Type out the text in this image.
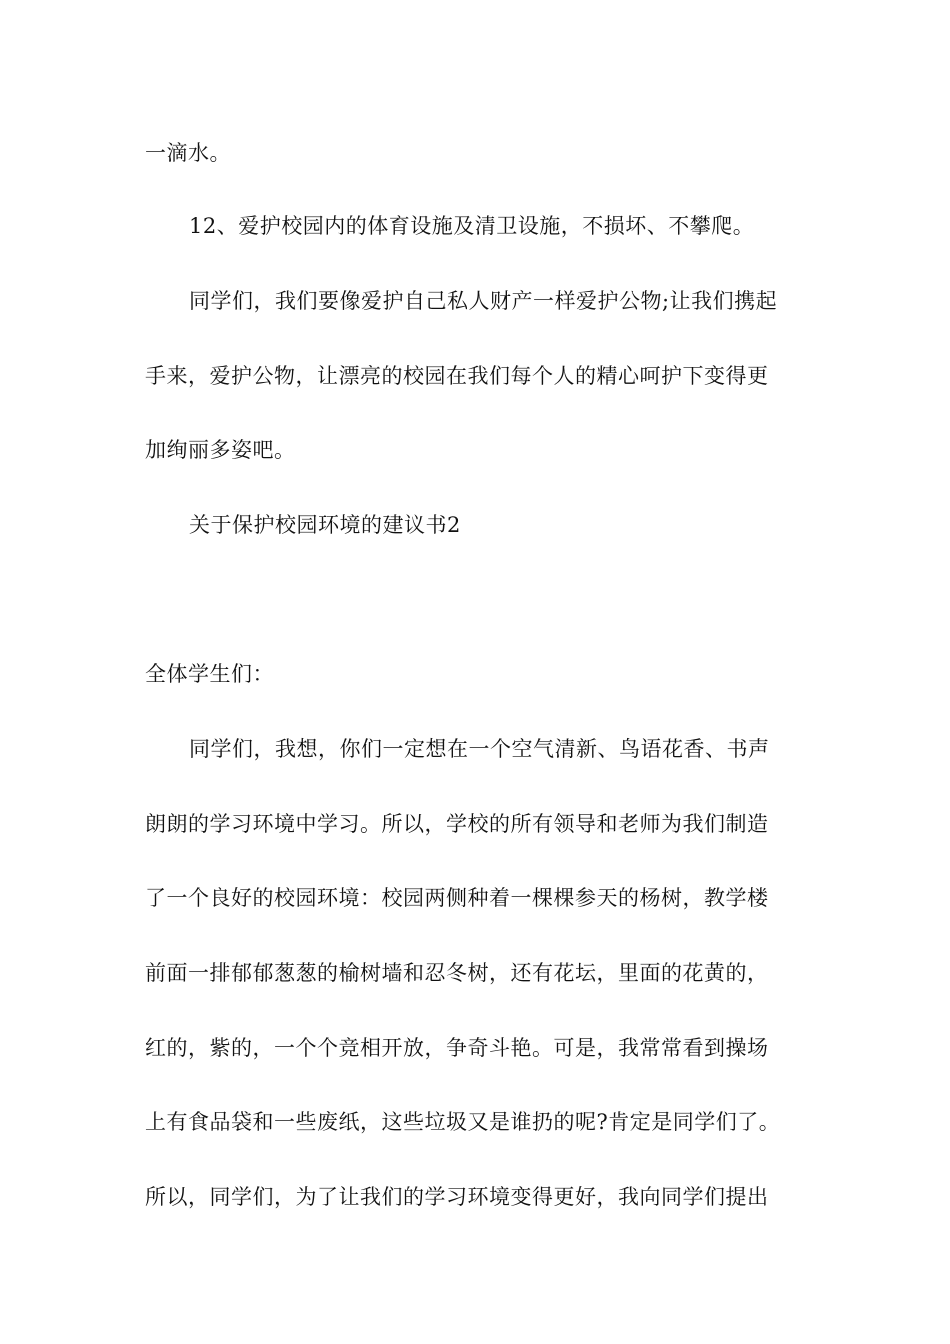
一滴水。
12、爱护校园内的体育设施及清卫设施，不损坏、不攀爬。
同学们，我们要像爱护自己私人财产一样爱护公物;让我们携起
手来，爱护公物，让漂亮的校园在我们每个人的精心呵护下变得更
加绚丽多姿吧。
关于保护校园环境的建议书2
全体学生们：
同学们，我想，你们一定想在一个空气清新、鸟语花香、书声
朗朗的学习环境中学习。所以，学校的所有领导和老师为我们制造
了一个良好的校园环境：校园两侧种着一棵棵参天的杨树，教学楼
前面一排郁郁葱葱的榆树墙和忍冬树，还有花坛，里面的花黄的，
红的，紫的，一个个竞相开放，争奇斗艳。可是，我常常看到操场
上有食品袋和一些废纸，这些垃圾又是谁扔的呢?肯定是同学们了。
所以，同学们，为了让我们的学习环境变得更好，我向同学们提出
